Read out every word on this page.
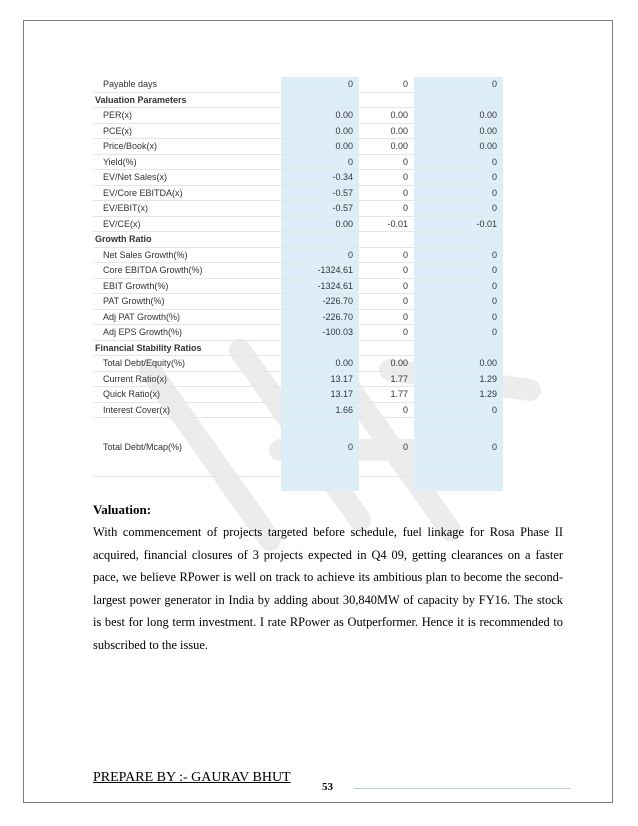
Payable days	0		0	0
Valuation Parameters				
PER(x)	0.00		0.00	0.00
PCE(x)	0.00		0.00	0.00
Price/Book(x)	0.00		0.00	0.00
Yield(%)	0		0	0
EV/Net Sales(x)	-0.34		0	0
EV/Core EBITDA(x)	-0.57		0	0
EV/EBIT(x)	-0.57		0	0
EV/CE(x)	0.00		-0.01	-0.01
Growth Ratio				
Net Sales Growth(%)	0		0	0
Core EBITDA Growth(%)	-1324.61		0	0
EBIT Growth(%)	-1324.61		0	0
PAT Growth(%)	-226.70		0	0
Adj PAT Growth(%)	-226.70		0	0
Adj EPS Growth(%)	-100.03		0	0
Financial Stability Ratios				
Total Debt/Equity(%)	0.00		0.00	0.00
Current Ratio(x)	13.17		1.77	1.29
Quick Ratio(x)	13.17		1.77	1.29
Interest Cover(x)	1.66		0	0
Total Debt/Mcap(%)	0		0	0

Valuation:

With commencement of projects targeted before schedule, fuel linkage for Rosa Phase II acquired, financial closures of 3 projects expected in Q4 09, getting clearances on a faster pace, we believe RPower is well on track to achieve its ambitious plan to become the second-largest power generator in India by adding about 30,840MW of capacity by FY16. The stock is best for long term investment. I rate RPower as Outperformer. Hence it is recommended to subscribed to the issue.

PREPARE BY :- GAURAV BHUT
53
